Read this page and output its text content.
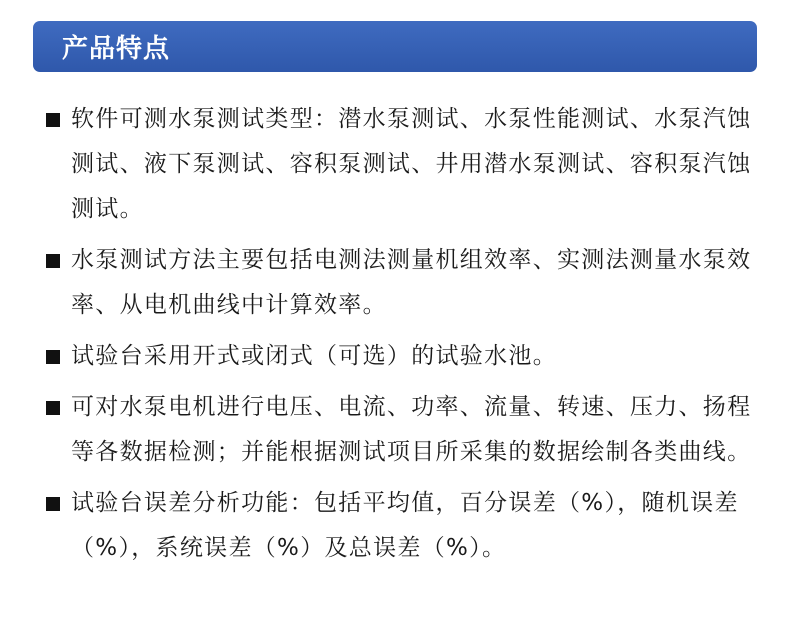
产品特点
软件可测水泵测试类型：潜水泵测试、水泵性能测试、水泵汽蚀测试、液下泵测试、容积泵测试、井用潜水泵测试、容积泵汽蚀测试。
水泵测试方法主要包括电测法测量机组效率、实测法测量水泵效率、从电机曲线中计算效率。
试验台采用开式或闭式（可选）的试验水池。
可对水泵电机进行电压、电流、功率、流量、转速、压力、扬程等各数据检测；并能根据测试项目所采集的数据绘制各类曲线。
试验台误差分析功能：包括平均值，百分误差（%），随机误差（%），系统误差（%）及总误差（%）。
